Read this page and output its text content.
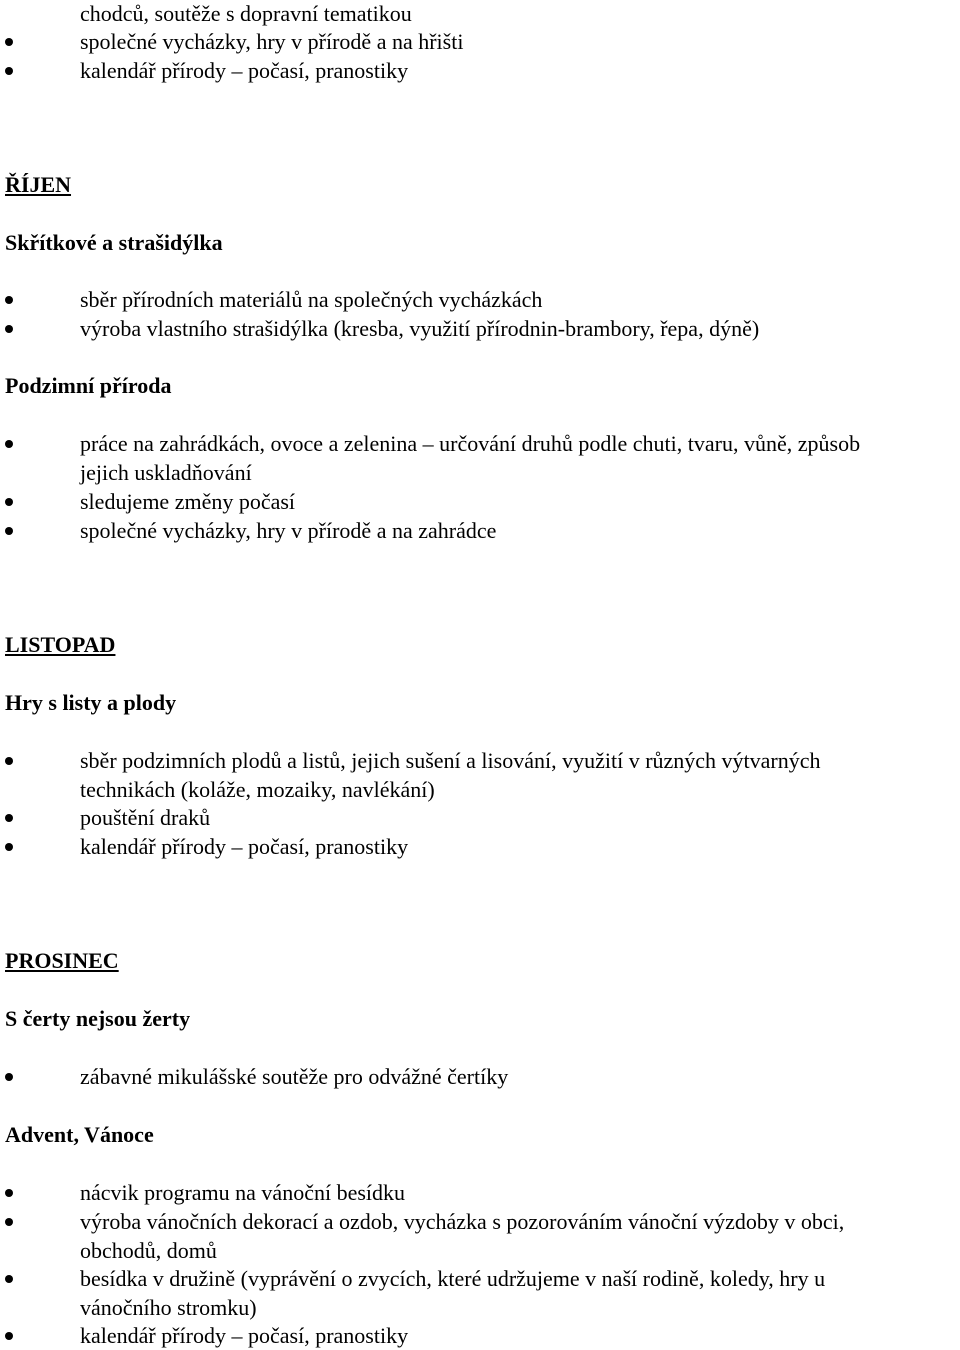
chodců, soutěže s dopravní tematikou
společné vycházky, hry v přírodě a na hřišti
kalendář přírody – počasí, pranostiky
ŘÍJEN
Skřítkové a strašidýlka
sběr přírodních materiálů na společných vycházkách
výroba vlastního strašidýlka (kresba, využití přírodnin-brambory, řepa, dýně)
Podzimní příroda
práce na zahrádkách, ovoce a zelenina – určování druhů podle chuti, tvaru, vůně, způsob
jejich uskladňování
sledujeme změny počasí
společné vycházky, hry v přírodě a na zahrádce
LISTOPAD
Hry s listy a plody
sběr podzimních plodů a listů, jejich sušení a lisování, využití v různých výtvarných
technikách (koláže, mozaiky, navlékání)
pouštění draků
kalendář přírody – počasí, pranostiky
PROSINEC
S čerty nejsou žerty
zábavné mikulášské soutěže pro odvážné čertíky
Advent, Vánoce
nácvik programu na vánoční besídku
výroba vánočních dekorací a ozdob, vycházka s pozorováním vánoční výzdoby v obci,
obchodů, domů
besídka v družině (vyprávění o zvycích, které udržujeme v naší rodině, koledy, hry u
vánočního stromku)
kalendář přírody – počasí, pranostiky
